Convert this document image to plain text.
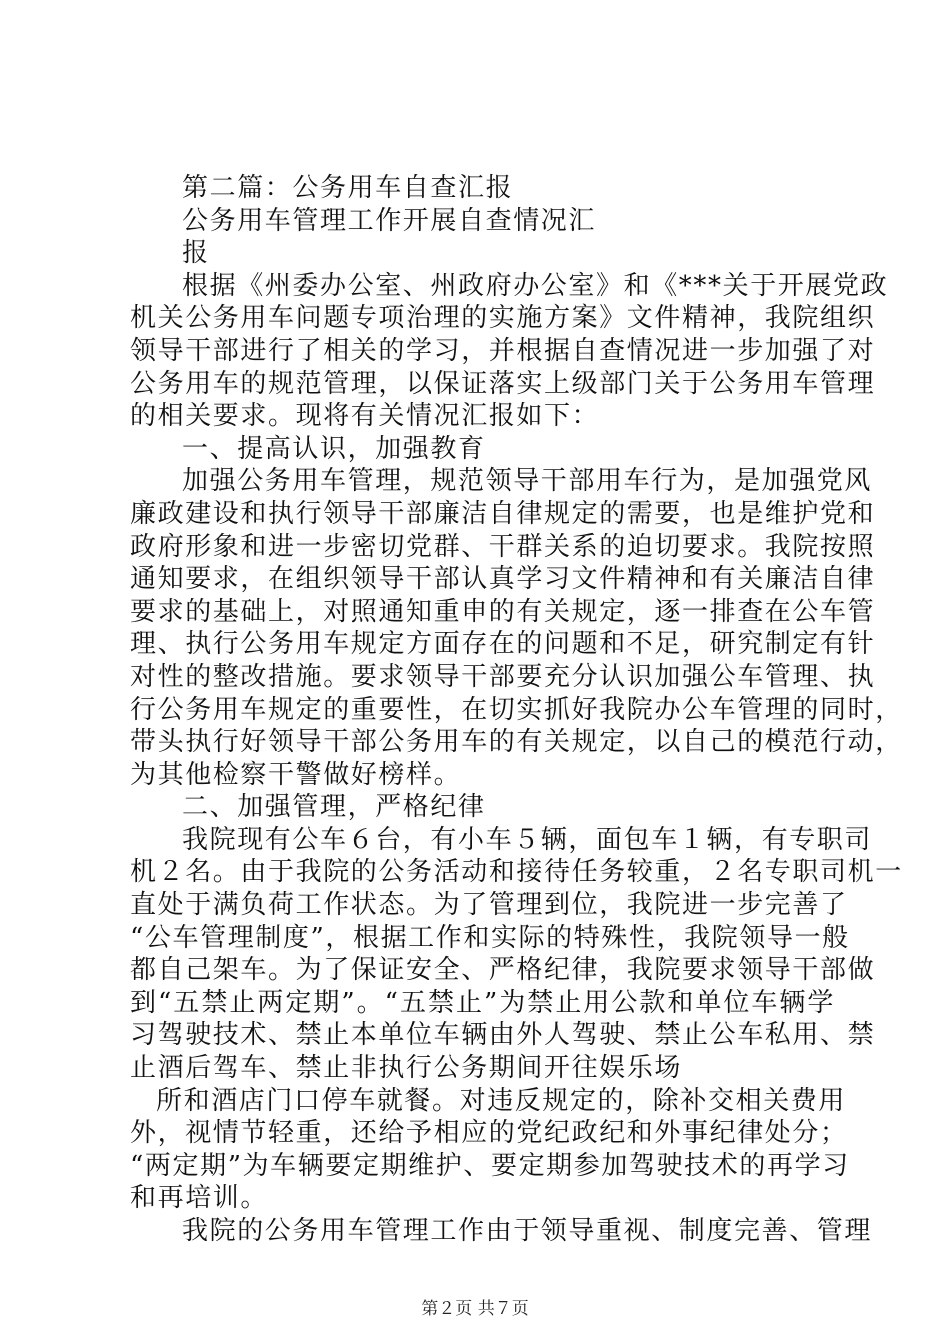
第二篇：公务用车自查汇报
公务用车管理工作开展自查情况汇
报
根据《州委办公室、州政府办公室》和《***关于开展党政
机关公务用车问题专项治理的实施方案》文件精神，我院组织
领导干部进行了相关的学习，并根据自查情况进一步加强了对
公务用车的规范管理，以保证落实上级部门关于公务用车管理
的相关要求。现将有关情况汇报如下：
一、提高认识，加强教育
加强公务用车管理，规范领导干部用车行为，是加强党风
廉政建设和执行领导干部廉洁自律规定的需要，也是维护党和
政府形象和进一步密切党群、干群关系的迫切要求。我院按照
通知要求，在组织领导干部认真学习文件精神和有关廉洁自律
要求的基础上，对照通知重申的有关规定，逐一排查在公车管
理、执行公务用车规定方面存在的问题和不足，研究制定有针
对性的整改措施。要求领导干部要充分认识加强公车管理、执
行公务用车规定的重要性，在切实抓好我院办公车管理的同时，
带头执行好领导干部公务用车的有关规定，以自己的模范行动，
为其他检察干警做好榜样。
二、加强管理，严格纪律
我院现有公车６台，有小车５辆，面包车１辆，有专职司
机２名。由于我院的公务活动和接待任务较重，２名专职司机一
直处于满负荷工作状态。为了管理到位，我院进一步完善了
“公车管理制度”，根据工作和实际的特殊性，我院领导一般
都自己架车。为了保证安全、严格纪律，我院要求领导干部做
到“五禁止两定期”。“五禁止”为禁止用公款和单位车辆学
习驾驶技术、禁止本单位车辆由外人驾驶、禁止公车私用、禁
止酒后驾车、禁止非执行公务期间开往娱乐场
所和酒店门口停车就餐。对违反规定的，除补交相关费用
外，视情节轻重，还给予相应的党纪政纪和外事纪律处分；
“两定期”为车辆要定期维护、要定期参加驾驶技术的再学习
和再培训。
我院的公务用车管理工作由于领导重视、制度完善、管理
第２页 共７页
